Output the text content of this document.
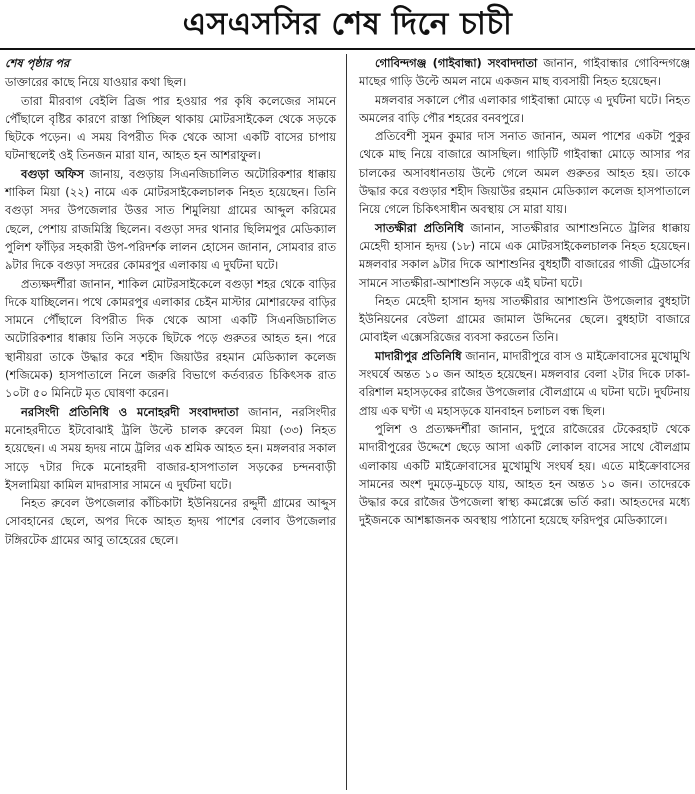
এসএসসির শেষ দিনে চাচী

শেষ পৃষ্ঠার পর

ডাক্তারের কাছে নিয়ে যাওয়ার কথা ছিল।

তারা মীরবাগ বেইলি ব্রিজ পার হওয়ার পর কৃষি কলেজের সামনে পৌঁছালে বৃষ্টির কারণে রাস্তা পিচ্ছিল থাকায় মোটরসাইকেল থেকে সড়কে ছিটকে পড়েন। এ সময় বিপরীত দিক থেকে আসা একটি বাসের চাপায় ঘটনাস্থলেই ওই তিনজন মারা যান, আহত হন আশরাফুল।

বগুড়া অফিস জানায়, বগুড়ায় সিএনজিচালিত অটোরিকশার ধাক্কায় শাকিল মিয়া (২২) নামে এক মোটরসাইকেলচালক নিহত হয়েছেন। তিনি বগুড়া সদর উপজেলার উত্তর সাত শিমুলিয়া গ্রামের আব্দুল করিমের ছেলে, পেশায় রাজমিস্ত্রি ছিলেন। বগুড়া সদর থানার ছিলিমপুর মেডিক্যাল পুলিশ ফাঁড়ির সহকারী উপ-পরিদর্শক লালন হোসেন জানান, সোমবার রাত ৯টার দিকে বগুড়া সদরের কোমরপুর এলাকায় এ দুর্ঘটনা ঘটে।

প্রত্যক্ষদর্শীরা জানান, শাকিল মোটরসাইকেলে বগুড়া শহর থেকে বাড়ির দিকে যাচ্ছিলেন। পথে কোমরপুর এলাকার চেইন মাস্টার মোশারফের বাড়ির সামনে পৌঁছালে বিপরীত দিক থেকে আসা একটি সিএনজিচালিত অটোরিকশার ধাক্কায় তিনি সড়কে ছিটকে পড়ে গুরুতর আহত হন। পরে স্থানীয়রা তাকে উদ্ধার করে শহীদ জিয়াউর রহমান মেডিক্যাল কলেজ (শজিমেক) হাসপাতালে নিলে জরুরি বিভাগে কর্তব্যরত চিকিৎসক রাত ১০টা ৫০ মিনিটে মৃত ঘোষণা করেন।

নরসিংদী প্রতিনিধি ও মনোহরদী সংবাদদাতা জানান, নরসিংদীর মনোহরদীতে ইটবোঝাই ট্রলি উল্টে চালক রুবেল মিয়া (৩৩) নিহত হয়েছেন। এ সময় হৃদয় নামে ট্রলির এক শ্রমিক আহত হন। মঙ্গলবার সকাল সাড়ে ৭টার দিকে মনোহরদী বাজার-হাসপাতাল সড়কের চন্দনবাড়ী ইসলামিয়া কামিল মাদরাসার সামনে এ দুর্ঘটনা ঘটে।

নিহত রুবেল উপজেলার কাঁচিকাটা ইউনিয়নের রদ্দুর্দী গ্রামের আব্দুস সোবহানের ছেলে, অপর দিকে আহত হৃদয় পাশের বেলাব উপজেলার টঙ্গিরটেক গ্রামের আবু তাহেরের ছেলে।

গোবিন্দগঞ্জ (গাইবান্ধা) সংবাদদাতা জানান, গাইবান্ধার গোবিন্দগঞ্জে মাছের গাড়ি উল্টে অমল নামে একজন মাছ ব্যবসায়ী নিহত হয়েছেন।

মঙ্গলবার সকালে পৌর এলাকার গাইবান্ধা মোড়ে এ দুর্ঘটনা ঘটে। নিহত অমলের বাড়ি পৌর শহরের বনবপুরে।

প্রতিবেশী সুমন কুমার দাস সনাত জানান, অমল পাশের একটা পুকুর থেকে মাছ নিয়ে বাজারে আসছিল। গাড়িটি গাইবান্ধা মোড়ে আসার পর চালকের অসাবধানতায় উল্টে গেলে অমল গুরুতর আহত হয়। তাকে উদ্ধার করে বগুড়ার শহীদ জিয়াউর রহমান মেডিক্যাল কলেজ হাসপাতালে নিয়ে গেলে চিকিৎসাধীন অবস্থায় সে মারা যায়।

সাতক্ষীরা প্রতিনিধি জানান, সাতক্ষীরার আশাশুনিতে ট্রলির ধাক্কায় মেহেদী হাসান হৃদয় (১৮) নামে এক মোটরসাইকেলচালক নিহত হয়েছেন। মঙ্গলবার সকাল ৯টার দিকে আশাশুনির বুধহাটী বাজারের গাজী ট্রেডার্সের সামনে সাতক্ষীরা-আশাশুনি সড়কে এই ঘটনা ঘটে।

নিহত মেহেদী হাসান হৃদয় সাতক্ষীরার আশাশুনি উপজেলার বুধহাটা ইউনিয়নের বেউলা গ্রামের জামাল উদ্দিনের ছেলে। বুধহাটা বাজারে মোবাইল এক্সেসরিজের ব্যবসা করতেন তিনি।

মাদারীপুর প্রতিনিধি জানান, মাদারীপুরে বাস ও মাইক্রোবাসের মুখোমুখি সংঘর্ষে অন্তত ১০ জন আহত হয়েছেন। মঙ্গলবার বেলা ২টার দিকে ঢাকা-বরিশাল মহাসড়কের রাজৈর উপজেলার বৌলগ্রামে এ ঘটনা ঘটে। দুর্ঘটনায় প্রায় এক ঘণ্টা এ মহাসড়কে যানবাহন চলাচল বন্ধ ছিল।

পুলিশ ও প্রত্যক্ষদর্শীরা জানান, দুপুরে রাজৈরের টেকেরহাট থেকে মাদারীপুরের উদ্দেশে ছেড়ে আসা একটি লোকাল বাসের সাথে বৌলগ্রাম এলাকায় একটি মাইক্রোবাসের মুখোমুখি সংঘর্ষ হয়। এতে মাইক্রোবাসের সামনের অংশ দুমড়ে-মুচড়ে যায়, আহত হন অন্তত ১০ জন। তাদেরকে উদ্ধার করে রাজৈর উপজেলা স্বাস্থ্য কমপ্লেক্সে ভর্তি করা। আহতদের মধ্যে দুইজনকে আশঙ্কাজনক অবস্থায় পাঠানো হয়েছে ফরিদপুর মেডিক্যালে।
